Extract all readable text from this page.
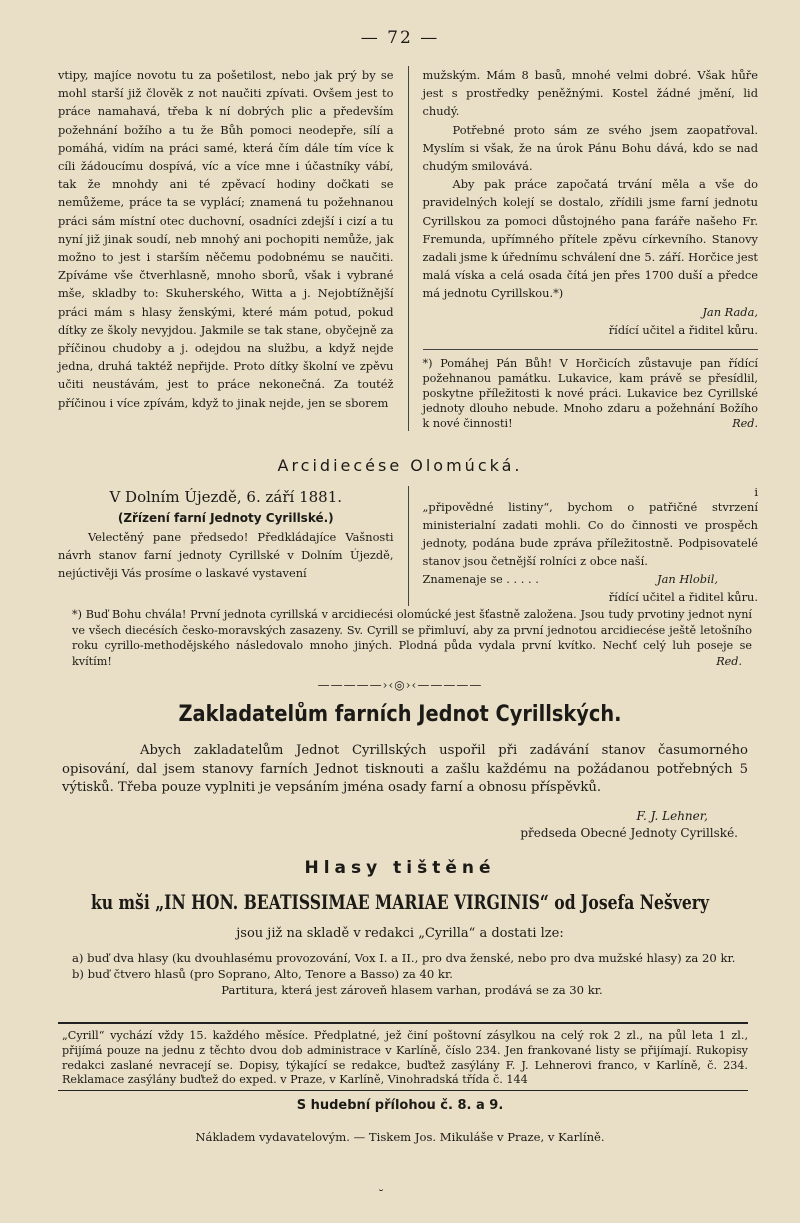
— 72 —
vtipy, majíce novotu tu za pošetilost, nebo jak prý by se mohl starší již člověk z not naučiti zpívati. Ovšem jest to práce namahavá, třeba k ní dobrých plic a především požehnání božího a tu že Bůh pomoci neodepře, sílí a pomáhá, vidím na práci samé, která čím dále tím více k cíli žádoucímu dospívá, víc a více mne i účastníky vábí, tak že mnohdy ani té zpěvací hodiny dočkati se nemůžeme, práce ta se vyplácí; znamená tu požehnanou práci sám místní otec duchovní, osadníci zdejší i cizí a tu nyní již jinak soudí, neb mnohý ani pochopiti nemůže, jak možno to jest i starším něčemu podobnému se naučiti. Zpíváme vše čtverhlasně, mnoho sborů, však i vybrané mše, skladby to: Skuherského, Witta a j. Nejobtížnější práci mám s hlasy ženskými, které mám potud, pokud dítky ze školy nevyjdou. Jakmile se tak stane, obyčejně za příčinou chudoby a j. odejdou na službu, a když nejde jedna, druhá taktéž nepřijde. Proto dítky školní ve zpěvu učiti neustávám, jest to práce nekonečná. Za toutéž příčinou i více zpívám, když to jinak nejde, jen se sborem
mužským. Mám 8 basů, mnohé velmi dobré. Však hůře jest s prostředky peněžnými. Kostel žádné jmění, lid chudý.
Potřebné proto sám ze svého jsem zaopatřoval. Myslím si však, že na úrok Pánu Bohu dává, kdo se nad chudým smilovává.
Aby pak práce započatá trvání měla a vše do pravidelných kolejí se dostalo, zřídili jsme farní jednotu Cyrillskou za pomoci důstojného pana faráře našeho Fr. Fremunda, upřímného přítele zpěvu církevního. Stanovy zadali jsme k úřednímu schválení dne 5. září. Horčice jest malá víska a celá osada čítá jen přes 1700 duší a předce má jednotu Cyrillskou.*)
Jan Rada,
řídící učitel a řiditel kůru.
*) Pomáhej Pán Bůh! V Horčicích zůstavuje pan řídící požehnanou památku. Lukavice, kam právě se přesídlil, poskytne příležitosti k nové práci. Lukavice bez Cyrillské jednoty dlouho nebude. Mnoho zdaru a požehnání Božího k nové činnosti!	Red.
Arcidiecése Olomúcká.
V Dolním Újezdě, 6. září 1881.
(Zřízení farní Jednoty Cyrillské.)
Velectěný pane předsedo! Předkládajíce Vašnosti návrh stanov farní jednoty Cyrillské v Dolním Újezdě, nejúctivěji Vás prosíme o laskavé vystavení
i
„připovědné listiny“, bychom o patřičné stvrzení ministerialní zadati mohli. Co do činnosti ve prospěch jednoty, podána bude zpráva příležitostně. Podpisovatelé stanov jsou četnější rolníci z obce naší.
Znamenaje se . . . . .	Jan Hlobil,
řídící učitel a řiditel kůru.
*) Buď Bohu chvála! První jednota cyrillská v arcidiecési olomúcké jest šťastně založena. Jsou tudy prvotiny jednot nyní ve všech diecésích česko-moravských zasazeny. Sv. Cyrill se přimluví, aby za první jednotou arcidiecése ještě letošního roku cyrillo-methodějského následovalo mnoho jiných. Plodná půda vydala první kvítko. Nechť celý luh poseje se kvítím!	Red.
—————›‹◎›‹—————
Zakladatelům farních Jednot Cyrillských.
Abych zakladatelům Jednot Cyrillských uspořil při zadávání stanov časumorného opisování, dal jsem stanovy farních Jednot tisknouti a zašlu každému na požádanou potřebných 5 výtisků. Třeba pouze vyplniti je vepsáním jména osady farní a obnosu příspěvků.
F. J. Lehner,
předseda Obecné Jednoty Cyrillské.
Hlasy tištěné
ku mši „IN HON. BEATISSIMAE MARIAE VIRGINIS“ od Josefa Nešvery
jsou již na skladě v redakci „Cyrilla“ a dostati lze:
a) buď dva hlasy (ku dvouhlasému provozování, Vox I. a II., pro dva ženské, nebo pro dva mužské hlasy) za 20 kr.
b) buď čtvero hlasů (pro Soprano, Alto, Tenore a Basso) za 40 kr.
Partitura, která jest zároveň hlasem varhan, prodává se za 30 kr.
„Cyrill“ vychází vždy 15. každého měsíce. Předplatné, jež činí poštovní zásylkou na celý rok 2 zl., na půl leta 1 zl., přijímá pouze na jednu z těchto dvou dob administrace v Karlíně, číslo 234. Jen frankované listy se přijímají. Rukopisy redakci zaslané nevracejí se. Dopisy, týkající se redakce, buďtež zasýlány F. J. Lehnerovi franco, v Karlíně, č. 234. Reklamace zasýlány buďtež do exped. v Praze, v Karlíně, Vinohradská třída č. 144
S hudební přílohou č. 8. a 9.
Nákladem vydavatelovým. — Tiskem Jos. Mikuláše v Praze, v Karlíně.
˘
